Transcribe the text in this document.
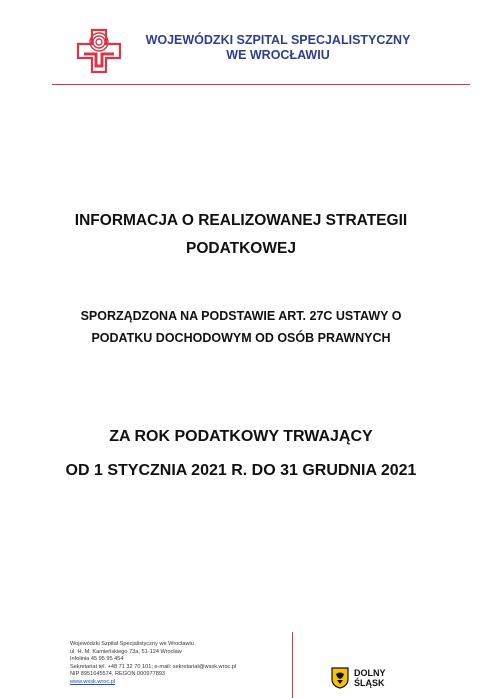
WOJEWÓDZKI SZPITAL SPECJALISTYCZNY
WE WROCŁAWIU
INFORMACJA O REALIZOWANEJ STRATEGII
PODATKOWEJ
SPORZĄDZONA NA PODSTAWIE ART. 27C USTAWY O
PODATKU DOCHODOWYM OD OSÓB PRAWNYCH
ZA ROK PODATKOWY TRWAJĄCY
OD 1 STYCZNIA 2021 R. DO 31 GRUDNIA 2021
Wojewódzki Szpital Specjalistyczny we Wrocławiu
ul. H. M. Kamieńskiego 73a, 51-124 Wrocław
Infolinia 45 95 95 454
Sekretariat tel. +48 71 32 70 101; e-mail: sekretariat@wssk.wroc.pl
NIP 8951645574, REGON 000977893
www.wssk.wroc.pl
DOLNY
ŚLĄSK
